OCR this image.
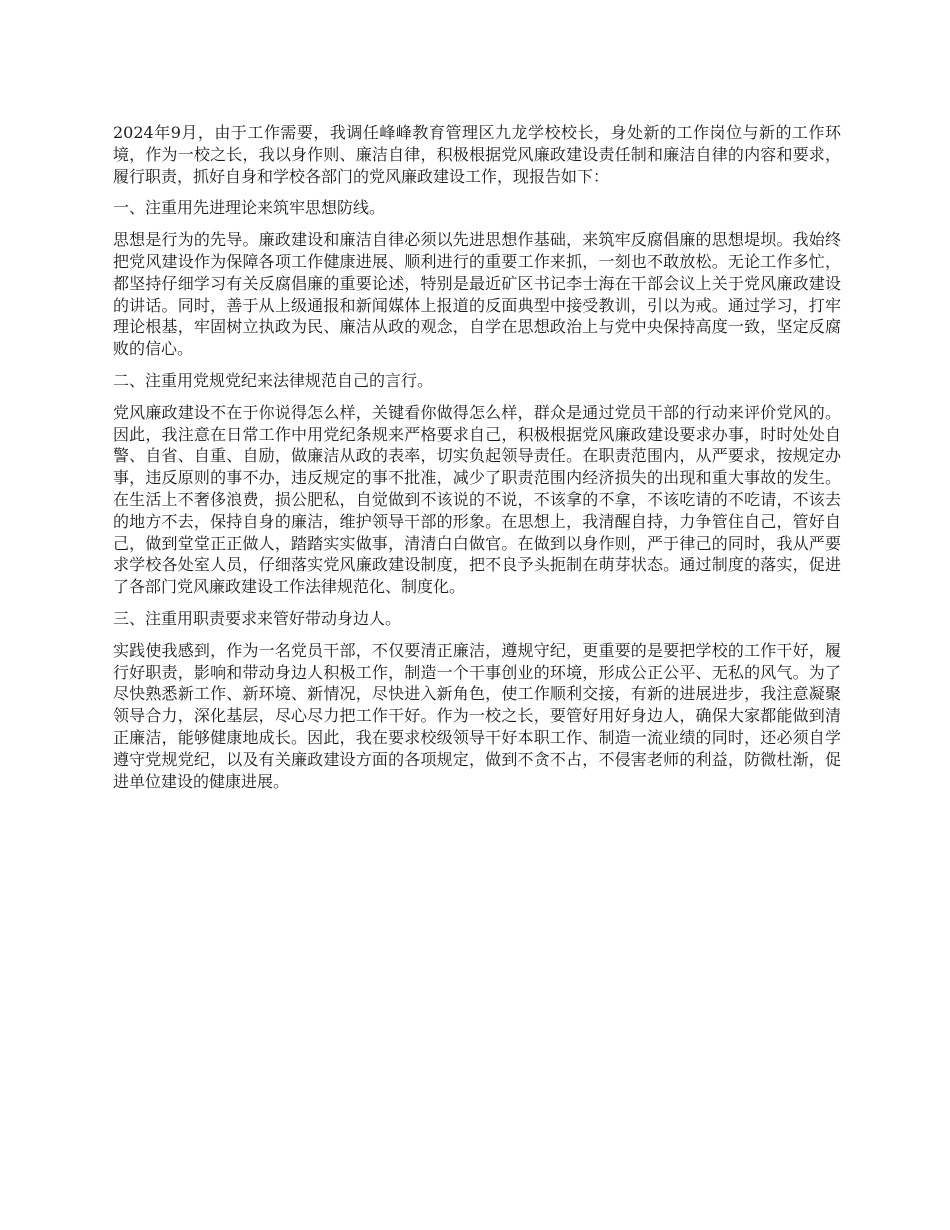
2024年9月，由于工作需要，我调任峰峰教育管理区九龙学校校长，身处新的工作岗位与新的工作环境，作为一校之长，我以身作则、廉洁自律，积极根据党风廉政建设责任制和廉洁自律的内容和要求，履行职责，抓好自身和学校各部门的党风廉政建设工作，现报告如下：

一、注重用先进理论来筑牢思想防线。

思想是行为的先导。廉政建设和廉洁自律必须以先进思想作基础，来筑牢反腐倡廉的思想堤坝。我始终把党风建设作为保障各项工作健康进展、顺利进行的重要工作来抓，一刻也不敢放松。无论工作多忙，都坚持仔细学习有关反腐倡廉的重要论述，特别是最近矿区书记李士海在干部会议上关于党风廉政建设的讲话。同时，善于从上级通报和新闻媒体上报道的反面典型中接受教训，引以为戒。通过学习，打牢理论根基，牢固树立执政为民、廉洁从政的观念，自学在思想政治上与党中央保持高度一致，坚定反腐败的信心。

二、注重用党规党纪来法律规范自己的言行。

党风廉政建设不在于你说得怎么样，关键看你做得怎么样，群众是通过党员干部的行动来评价党风的。因此，我注意在日常工作中用党纪条规来严格要求自己，积极根据党风廉政建设要求办事，时时处处自警、自省、自重、自励，做廉洁从政的表率，切实负起领导责任。在职责范围内，从严要求，按规定办事，违反原则的事不办，违反规定的事不批准，减少了职责范围内经济损失的出现和重大事故的发生。在生活上不奢侈浪费，损公肥私，自觉做到不该说的不说，不该拿的不拿，不该吃请的不吃请，不该去的地方不去，保持自身的廉洁，维护领导干部的形象。在思想上，我清醒自持，力争管住自己，管好自己，做到堂堂正正做人，踏踏实实做事，清清白白做官。在做到以身作则，严于律己的同时，我从严要求学校各处室人员，仔细落实党风廉政建设制度，把不良予头扼制在萌芽状态。通过制度的落实，促进了各部门党风廉政建设工作法律规范化、制度化。

三、注重用职责要求来管好带动身边人。

实践使我感到，作为一名党员干部，不仅要清正廉洁，遵规守纪，更重要的是要把学校的工作干好，履行好职责，影响和带动身边人积极工作，制造一个干事创业的环境，形成公正公平、无私的风气。为了尽快熟悉新工作、新环境、新情况，尽快进入新角色，使工作顺利交接，有新的进展进步，我注意凝聚领导合力，深化基层，尽心尽力把工作干好。作为一校之长，要管好用好身边人，确保大家都能做到清正廉洁，能够健康地成长。因此，我在要求校级领导干好本职工作、制造一流业绩的同时，还必须自学遵守党规党纪，以及有关廉政建设方面的各项规定，做到不贪不占，不侵害老师的利益，防微杜渐，促进单位建设的健康进展。
